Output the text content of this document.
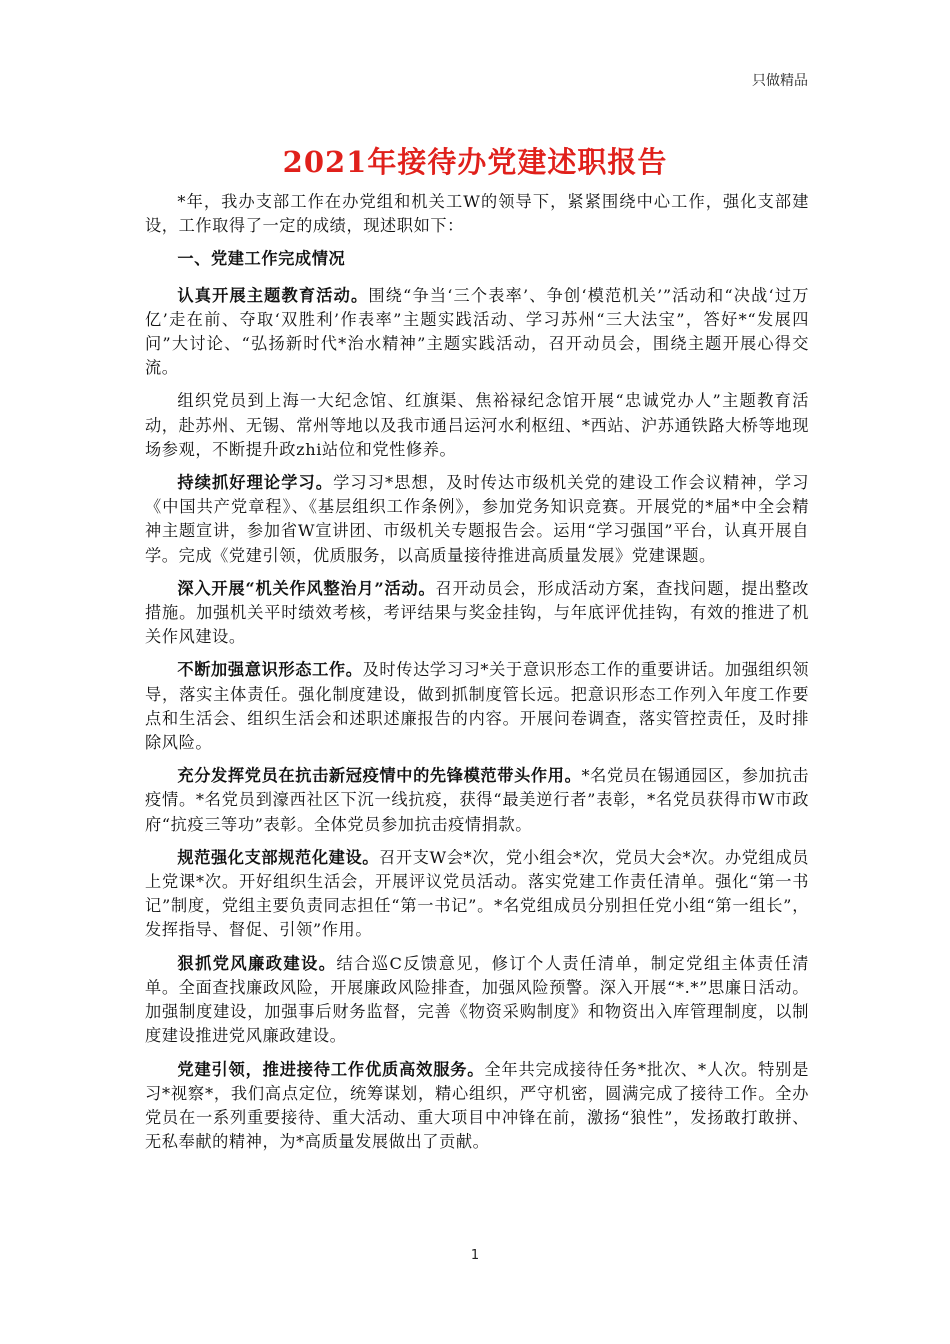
只做精品
2021年接待办党建述职报告

*年，我办支部工作在办党组和机关工W的领导下，紧紧围绕中心工作，强化支部建设，工作取得了一定的成绩，现述职如下：

一、党建工作完成情况

认真开展主题教育活动。围绕“争当‘三个表率’、争创‘模范机关’”活动和“决战‘过万亿’走在前、夺取‘双胜利’作表率”主题实践活动、学习苏州“三大法宝”，答好*“发展四问”大讨论、“弘扬新时代*治水精神”主题实践活动，召开动员会，围绕主题开展心得交流。

组织党员到上海一大纪念馆、红旗渠、焦裕禄纪念馆开展“忠诚党办人”主题教育活动，赴苏州、无锡、常州等地以及我市通吕运河水利枢纽、*西站、沪苏通铁路大桥等地现场参观，不断提升政zhi站位和党性修养。

持续抓好理论学习。学习习*思想，及时传达市级机关党的建设工作会议精神，学习《中国共产党章程》、《基层组织工作条例》，参加党务知识竞赛。开展党的*届*中全会精神主题宣讲，参加省W宣讲团、市级机关专题报告会。运用“学习强国”平台，认真开展自学。完成《党建引领，优质服务，以高质量接待推进高质量发展》党建课题。

深入开展“机关作风整治月”活动。召开动员会，形成活动方案，查找问题，提出整改措施。加强机关平时绩效考核，考评结果与奖金挂钩，与年底评优挂钩，有效的推进了机关作风建设。

不断加强意识形态工作。及时传达学习习*关于意识形态工作的重要讲话。加强组织领导，落实主体责任。强化制度建设，做到抓制度管长远。把意识形态工作列入年度工作要点和生活会、组织生活会和述职述廉报告的内容。开展问卷调查，落实管控责任，及时排除风险。

充分发挥党员在抗击新冠疫情中的先锋模范带头作用。*名党员在锡通园区，参加抗击疫情。*名党员到濠西社区下沉一线抗疫，获得“最美逆行者”表彰，*名党员获得市W市政府“抗疫三等功”表彰。全体党员参加抗击疫情捐款。

规范强化支部规范化建设。召开支W会*次，党小组会*次，党员大会*次。办党组成员上党课*次。开好组织生活会，开展评议党员活动。落实党建工作责任清单。强化“第一书记”制度，党组主要负责同志担任“第一书记”。*名党组成员分别担任党小组“第一组长”，发挥指导、督促、引领”作用。

狠抓党风廉政建设。结合巡C反馈意见，修订个人责任清单，制定党组主体责任清单。全面查找廉政风险，开展廉政风险排查，加强风险预警。深入开展“*.*”思廉日活动。加强制度建设，加强事后财务监督，完善《物资采购制度》和物资出入库管理制度，以制度建设推进党风廉政建设。

党建引领，推进接待工作优质高效服务。全年共完成接待任务*批次、*人次。特别是习*视察*，我们高点定位，统筹谋划，精心组织，严守机密，圆满完成了接待工作。全办党员在一系列重要接待、重大活动、重大项目中冲锋在前，激扬“狼性”，发扬敢打敢拼、无私奉献的精神，为*高质量发展做出了贡献。

1
